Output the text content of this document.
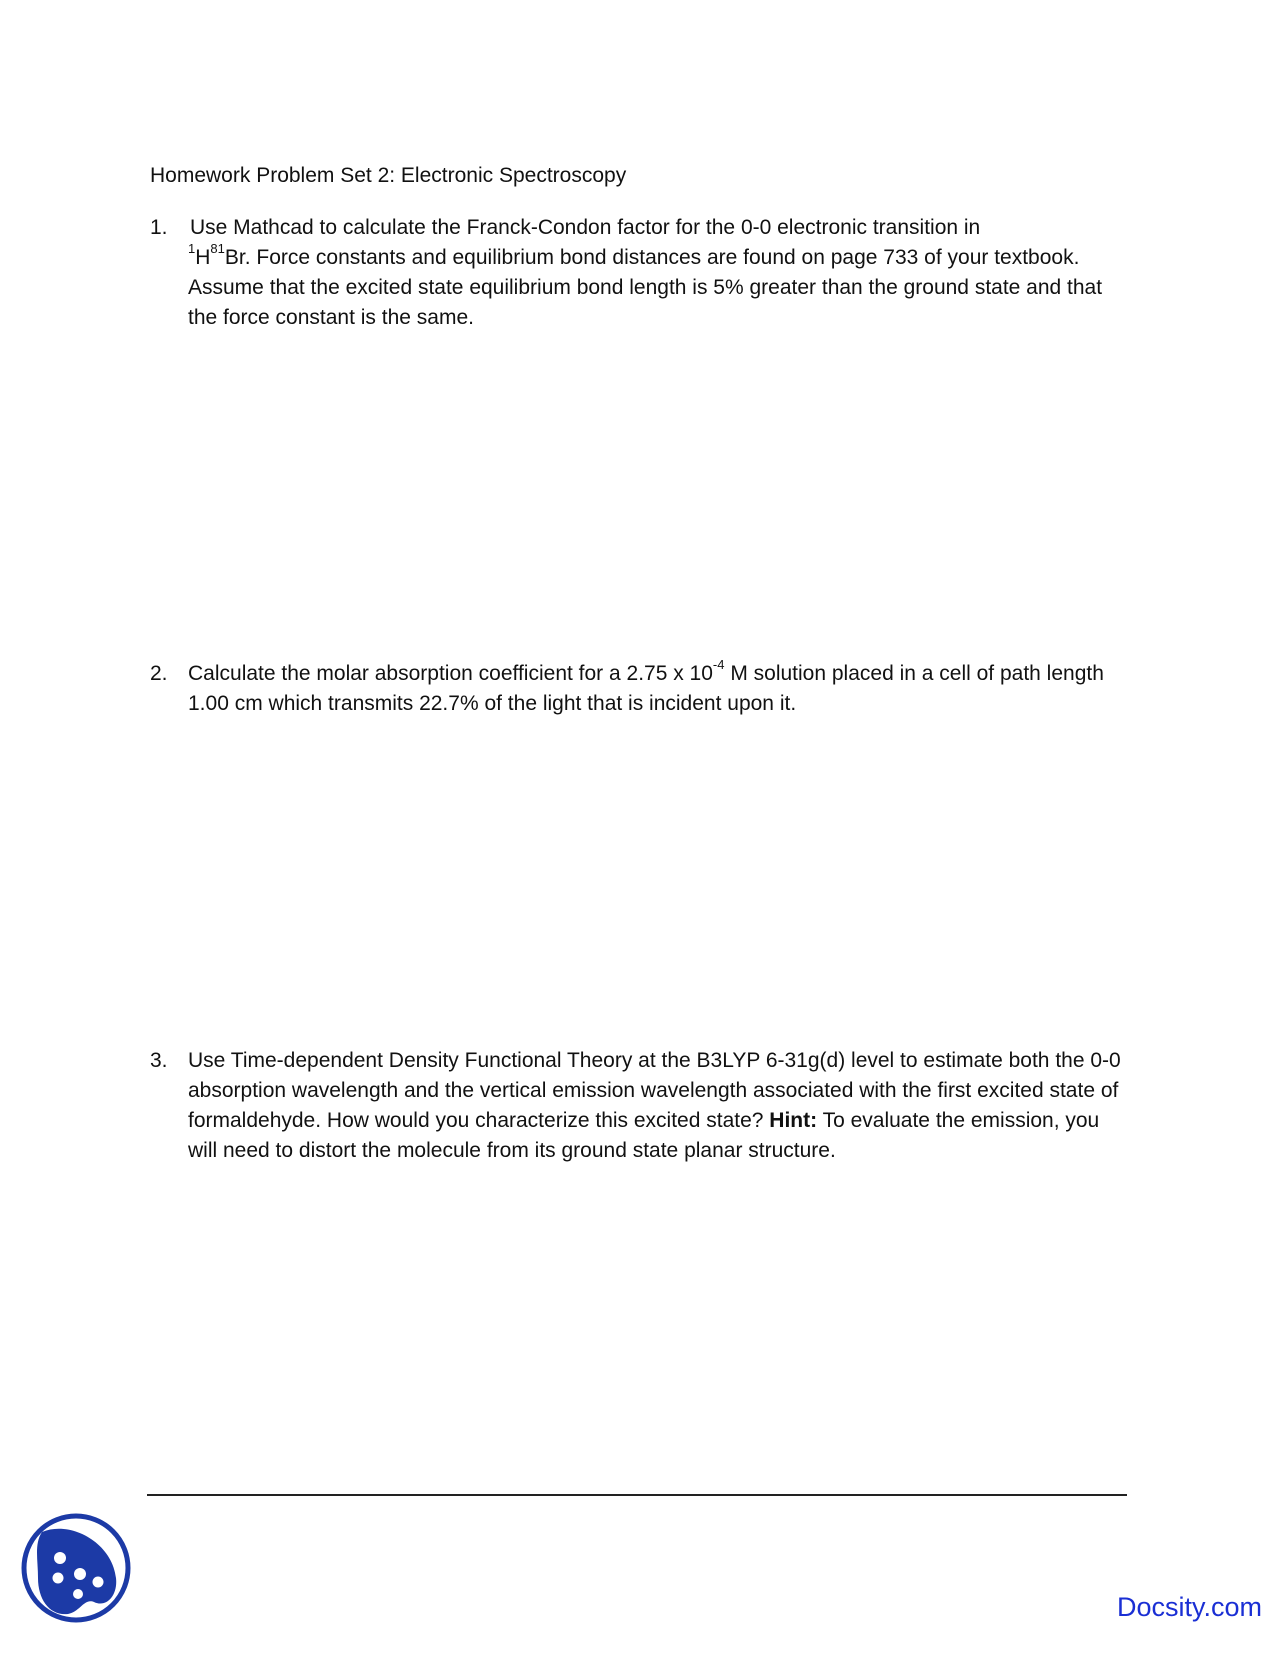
Homework Problem Set 2: Electronic Spectroscopy
1.	Use Mathcad to calculate the Franck-Condon factor for the 0-0 electronic transition in
$^1H^{81}Br$. Force constants and equilibrium bond distances are found on page 733 of your textbook. Assume that the excited state equilibrium bond length is 5% greater than the ground state and that the force constant is the same.
2. Calculate the molar absorption coefficient for a 2.75 x $10^{-4}$ M solution placed in a cell of path length 1.00 cm which transmits 22.7% of the light that is incident upon it.
3. Use Time-dependent Density Functional Theory at the B3LYP 6-31g(d) level to estimate both the 0-0 absorption wavelength and the vertical emission wavelength associated with the first excited state of formaldehyde. How would you characterize this excited state? Hint: To evaluate the emission, you will need to distort the molecule from its ground state planar structure.
Docsity.com
